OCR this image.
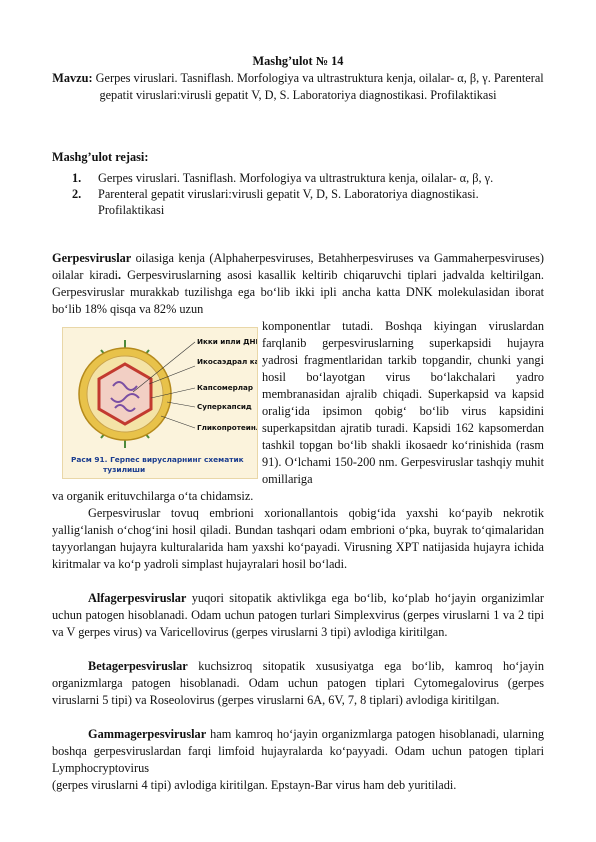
Mashg’ulot № 14
Mavzu: Gerpes viruslari. Tasniflash. Morfologiya va ultrastruktura kenja, oilalar- α, β, γ. Parenteral gepatit viruslari:virusli gepatit V, D, S. Laboratoriya diagnostikasi. Profilaktikasi
Mashg’ulot rejasi:
1. Gerpes viruslari. Tasniflash. Morfologiya va ultrastruktura kenja, oilalar- α, β, γ.
2. Parenteral gepatit viruslari:virusli gepatit V, D, S. Laboratoriya diagnostikasi. Profilaktikasi

Gerpesviruslar oilasiga kenja (Alphaherpesviruses, Betahherpesviruses va Gammaherpesviruses) oilalar kiradi. Gerpesviruslarning asosi kasallik keltirib chiqaruvchi tiplari jadvalda keltirilgan. Gerpesviruslar murakkab tuzilishga ega bo‘lib ikki ipli ancha katta DNK molekulasidan iborat bo‘lib 18% qisqa va 82% uzun

Икки ипли ДНК
Икосаэдрал к
Капсомерлар
Суперкапсид
Гликопротеин
Расм 91. Герпес вирусларнинг схематик
тузилиши

komponentlar tutadi. Boshqa kiyingan viruslardan farqlanib gerpesviruslarning superkapsidi hujayra yadrosi fragmentlaridan tarkib topgandir, chunki yangi hosil bo‘layotgan virus bo‘lakchalari yadro membranasidan ajralib chiqadi. Superkapsid va kapsid oralig‘ida ipsimon qobig‘ bo‘lib virus kapsidini superkapsitdan ajratib turadi. Kapsidi 162 kapsomerdan tashkil topgan bo‘lib shakli ikosaedr ko‘rinishida (rasm 91). O‘lchami 150-200 nm. Gerpesviruslar tashqiy muhit omillariga

va organik erituvchilarga o‘ta chidamsiz.

Gerpesviruslar tovuq embrioni xorionallantois qobig‘ida yaxshi ko‘payib nekrotik yallig‘lanish o‘chog‘ini hosil qiladi. Bundan tashqari odam embrioni o‘pka, buyrak to‘qimalaridan tayyorlangan hujayra kulturalarida ham yaxshi ko‘payadi. Virusning XPT natijasida hujayra ichida kiritmalar va ko‘p yadroli simplast hujayralari hosil bo‘ladi.

Alfagerpesviruslar yuqori sitopatik aktivlikga ega bo‘lib, ko‘plab ho‘jayin organizimlar uchun patogen hisoblanadi. Odam uchun patogen turlari Simplexvirus (gerpes viruslarni 1 va 2 tipi va V gerpes virus) va Varicellovirus (gerpes viruslarni 3 tipi) avlodiga kiritilgan.

Betagerpesviruslar kuchsizroq sitopatik xususiyatga ega bo‘lib, kamroq ho‘jayin organizmlarga patogen hisoblanadi. Odam uchun patogen tiplari Cytomegalovirus (gerpes viruslarni 5 tipi) va Roseolovirus (gerpes viruslarni 6A, 6V, 7, 8 tiplari) avlodiga kiritilgan.

Gammagerpesviruslar ham kamroq ho‘jayin organizmlarga patogen hisoblanadi, ularning boshqa gerpesviruslardan farqi limfoid hujayralarda ko‘payyadi. Odam uchun patogen tiplari Lymphocryptovirus
(gerpes viruslarni 4 tipi) avlodiga kiritilgan. Epstayn-Bar virus ham deb yuritiladi.
